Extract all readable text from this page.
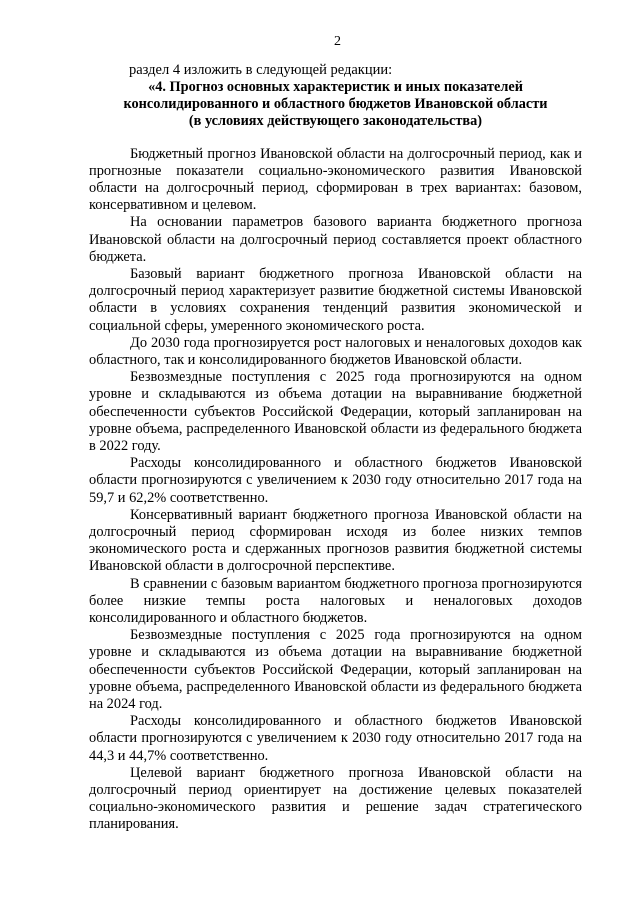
2

раздел 4 изложить в следующей редакции:

«4. Прогноз основных характеристик и иных показателей

консолидированного и областного бюджетов Ивановской области

(в условиях действующего законодательства)

Бюджетный прогноз Ивановской области на долгосрочный период, как и прогнозные показатели социально-экономического развития Ивановской области на долгосрочный период, сформирован в трех вариантах: базовом, консервативном и целевом.

На основании параметров базового варианта бюджетного прогноза Ивановской области на долгосрочный период составляется проект областного бюджета.

Базовый вариант бюджетного прогноза Ивановской области на долгосрочный период характеризует развитие бюджетной системы Ивановской области в условиях сохранения тенденций развития экономической и социальной сферы, умеренного экономического роста.

До 2030 года прогнозируется рост налоговых и неналоговых доходов как областного, так и консолидированного бюджетов Ивановской области.

Безвозмездные поступления с 2025 года прогнозируются на одном уровне и складываются из объема дотации на выравнивание бюджетной обеспеченности субъектов Российской Федерации, который запланирован на уровне объема, распределенного Ивановской области из федерального бюджета в 2022 году.

Расходы консолидированного и областного бюджетов Ивановской области прогнозируются с увеличением к 2030 году относительно 2017 года на 59,7 и 62,2% соответственно.

Консервативный вариант бюджетного прогноза Ивановской области на долгосрочный период сформирован исходя из более низких темпов экономического роста и сдержанных прогнозов развития бюджетной системы Ивановской области в долгосрочной перспективе.

В сравнении с базовым вариантом бюджетного прогноза прогнозируются более низкие темпы роста налоговых и неналоговых доходов консолидированного и областного бюджетов.

Безвозмездные поступления с 2025 года прогнозируются на одном уровне и складываются из объема дотации на выравнивание бюджетной обеспеченности субъектов Российской Федерации, который запланирован на уровне объема, распределенного Ивановской области из федерального бюджета на 2024 год.

Расходы консолидированного и областного бюджетов Ивановской области прогнозируются с увеличением к 2030 году относительно 2017 года на 44,3 и 44,7% соответственно.

Целевой вариант бюджетного прогноза Ивановской области на долгосрочный период ориентирует на достижение целевых показателей социально-экономического развития и решение задач стратегического планирования.
